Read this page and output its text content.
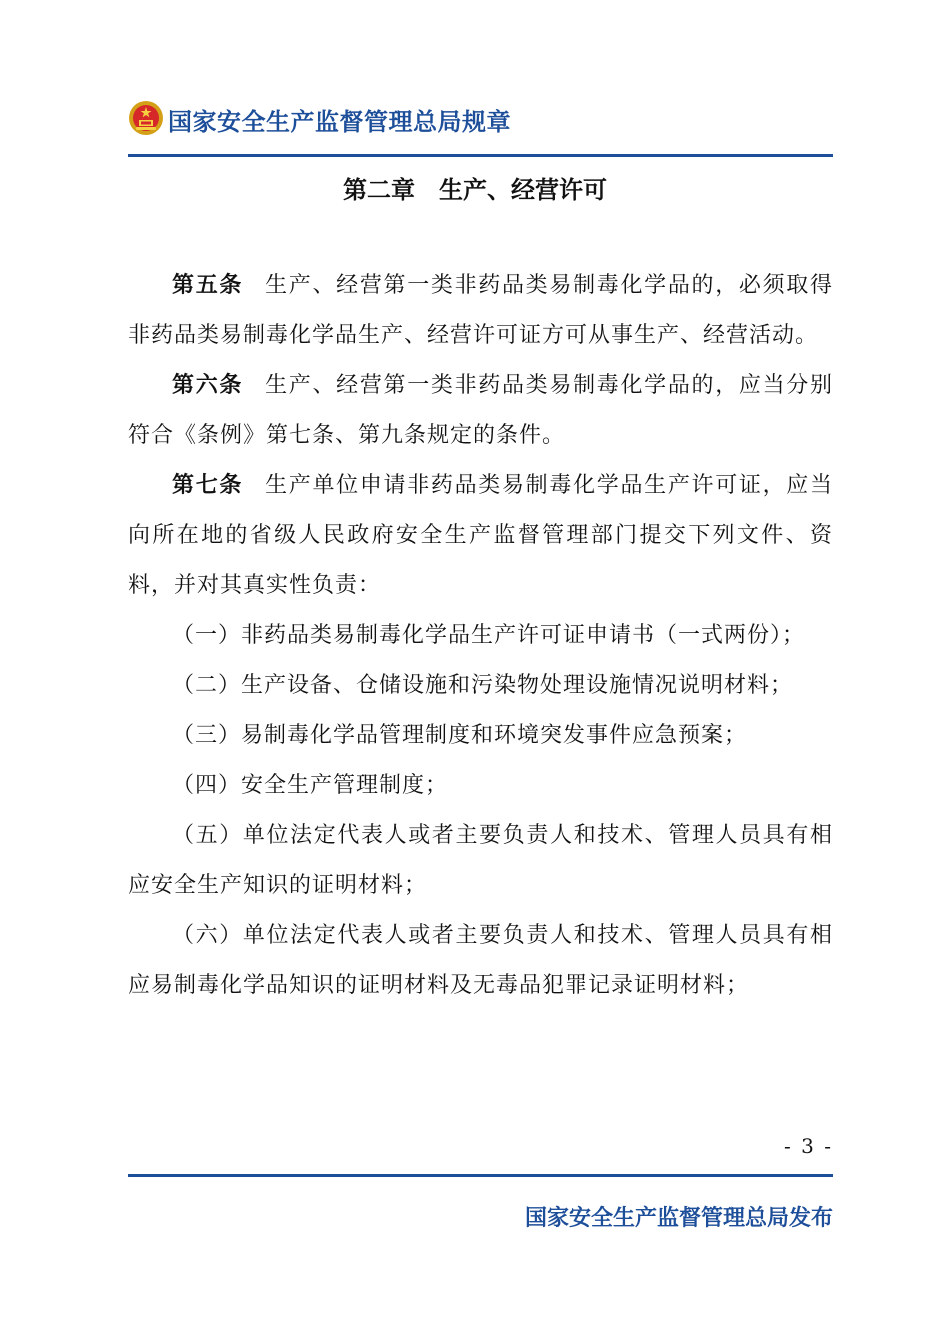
国家安全生产监督管理总局规章
第二章　生产、经营许可

第五条 生产、经营第一类非药品类易制毒化学品的，必须取得非药品类易制毒化学品生产、经营许可证方可从事生产、经营活动。

第六条 生产、经营第一类非药品类易制毒化学品的，应当分别符合《条例》第七条、第九条规定的条件。

第七条 生产单位申请非药品类易制毒化学品生产许可证，应当向所在地的省级人民政府安全生产监督管理部门提交下列文件、资料，并对其真实性负责：

（一）非药品类易制毒化学品生产许可证申请书（一式两份）；

（二）生产设备、仓储设施和污染物处理设施情况说明材料；

（三）易制毒化学品管理制度和环境突发事件应急预案；

（四）安全生产管理制度；

（五）单位法定代表人或者主要负责人和技术、管理人员具有相应安全生产知识的证明材料；

（六）单位法定代表人或者主要负责人和技术、管理人员具有相应易制毒化学品知识的证明材料及无毒品犯罪记录证明材料；

- 3 -
国家安全生产监督管理总局发布
